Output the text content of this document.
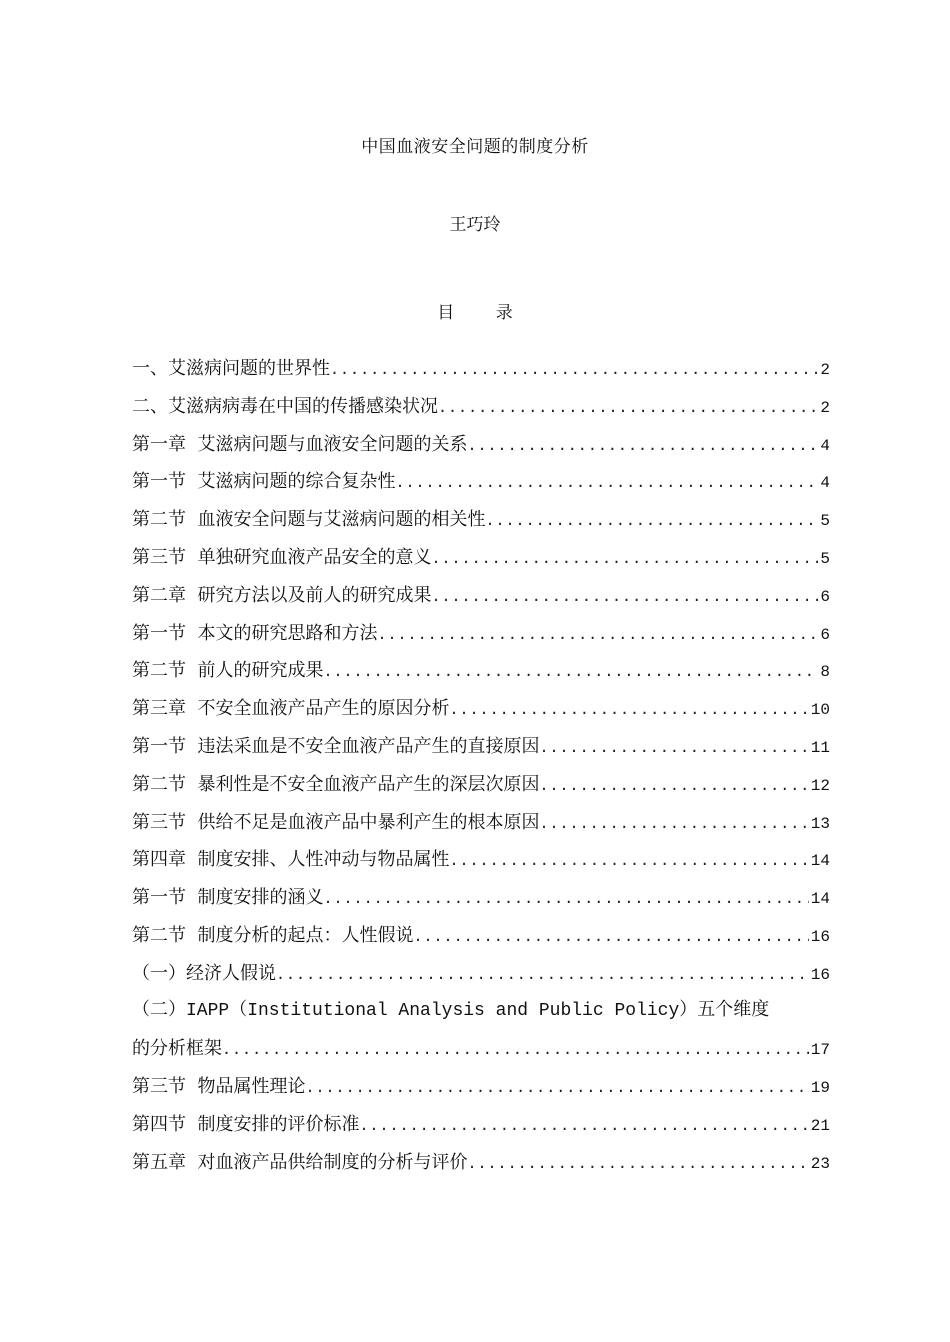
中国血液安全问题的制度分析
王巧玲
目 录
一、艾滋病问题的世界性 .....	2
二、艾滋病病毒在中国的传播感染状况 .....	2
第一章  艾滋病问题与血液安全问题的关系 .....	4
第一节  艾滋病问题的综合复杂性 .....	4
第二节  血液安全问题与艾滋病问题的相关性 .....	5
第三节  单独研究血液产品安全的意义 .....	5
第二章  研究方法以及前人的研究成果 .....	6
第一节  本文的研究思路和方法 .....	6
第二节  前人的研究成果 .....	8
第三章  不安全血液产品产生的原因分析 .....	10
第一节  违法采血是不安全血液产品产生的直接原因 .....	11
第二节  暴利性是不安全血液产品产生的深层次原因 .....	12
第三节  供给不足是血液产品中暴利产生的根本原因 .....	13
第四章  制度安排、人性冲动与物品属性 .....	14
第一节  制度安排的涵义 .....	14
第二节  制度分析的起点：人性假说 .....	16
（一）经济人假说 .....	16
（二）IAPP（Institutional Analysis and Public Policy）五个维度
的分析框架 .....	17
第三节  物品属性理论 .....	19
第四节  制度安排的评价标准 .....	21
第五章  对血液产品供给制度的分析与评价 .....	23
